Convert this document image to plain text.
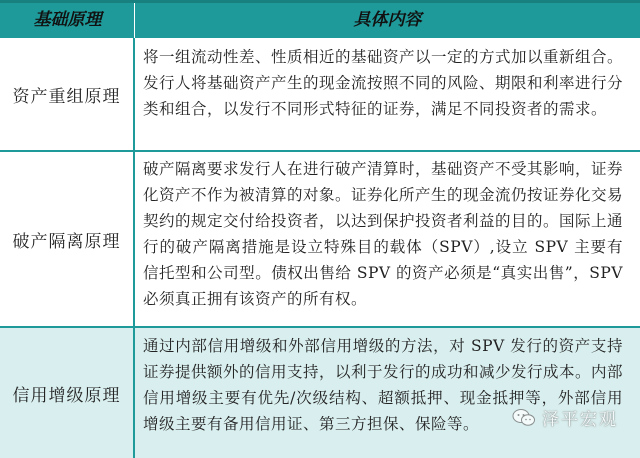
基础原理	具体内容
资产重组原理
将一组流动性差、性质相近的基础资产以一定的方式加以重新组合。发行人将基础资产产生的现金流按照不同的风险、期限和利率进行分类和组合，以发行不同形式特征的证券，满足不同投资者的需求。
破产隔离原理
破产隔离要求发行人在进行破产清算时，基础资产不受其影响，证券化资产不作为被清算的对象。证券化所产生的现金流仍按证券化交易契约的规定交付给投资者，以达到保护投资者利益的目的。国际上通行的破产隔离措施是设立特殊目的载体（SPV）,设立 SPV 主要有信托型和公司型。债权出售给 SPV 的资产必须是“真实出售”，SPV 必须真正拥有该资产的所有权。
信用增级原理
通过内部信用增级和外部信用增级的方法，对 SPV 发行的资产支持证券提供额外的信用支持，以利于发行的成功和减少发行成本。内部信用增级主要有优先/次级结构、超额抵押、现金抵押等，外部信用增级主要有备用信用证、第三方担保、保险等。	泽平宏观
